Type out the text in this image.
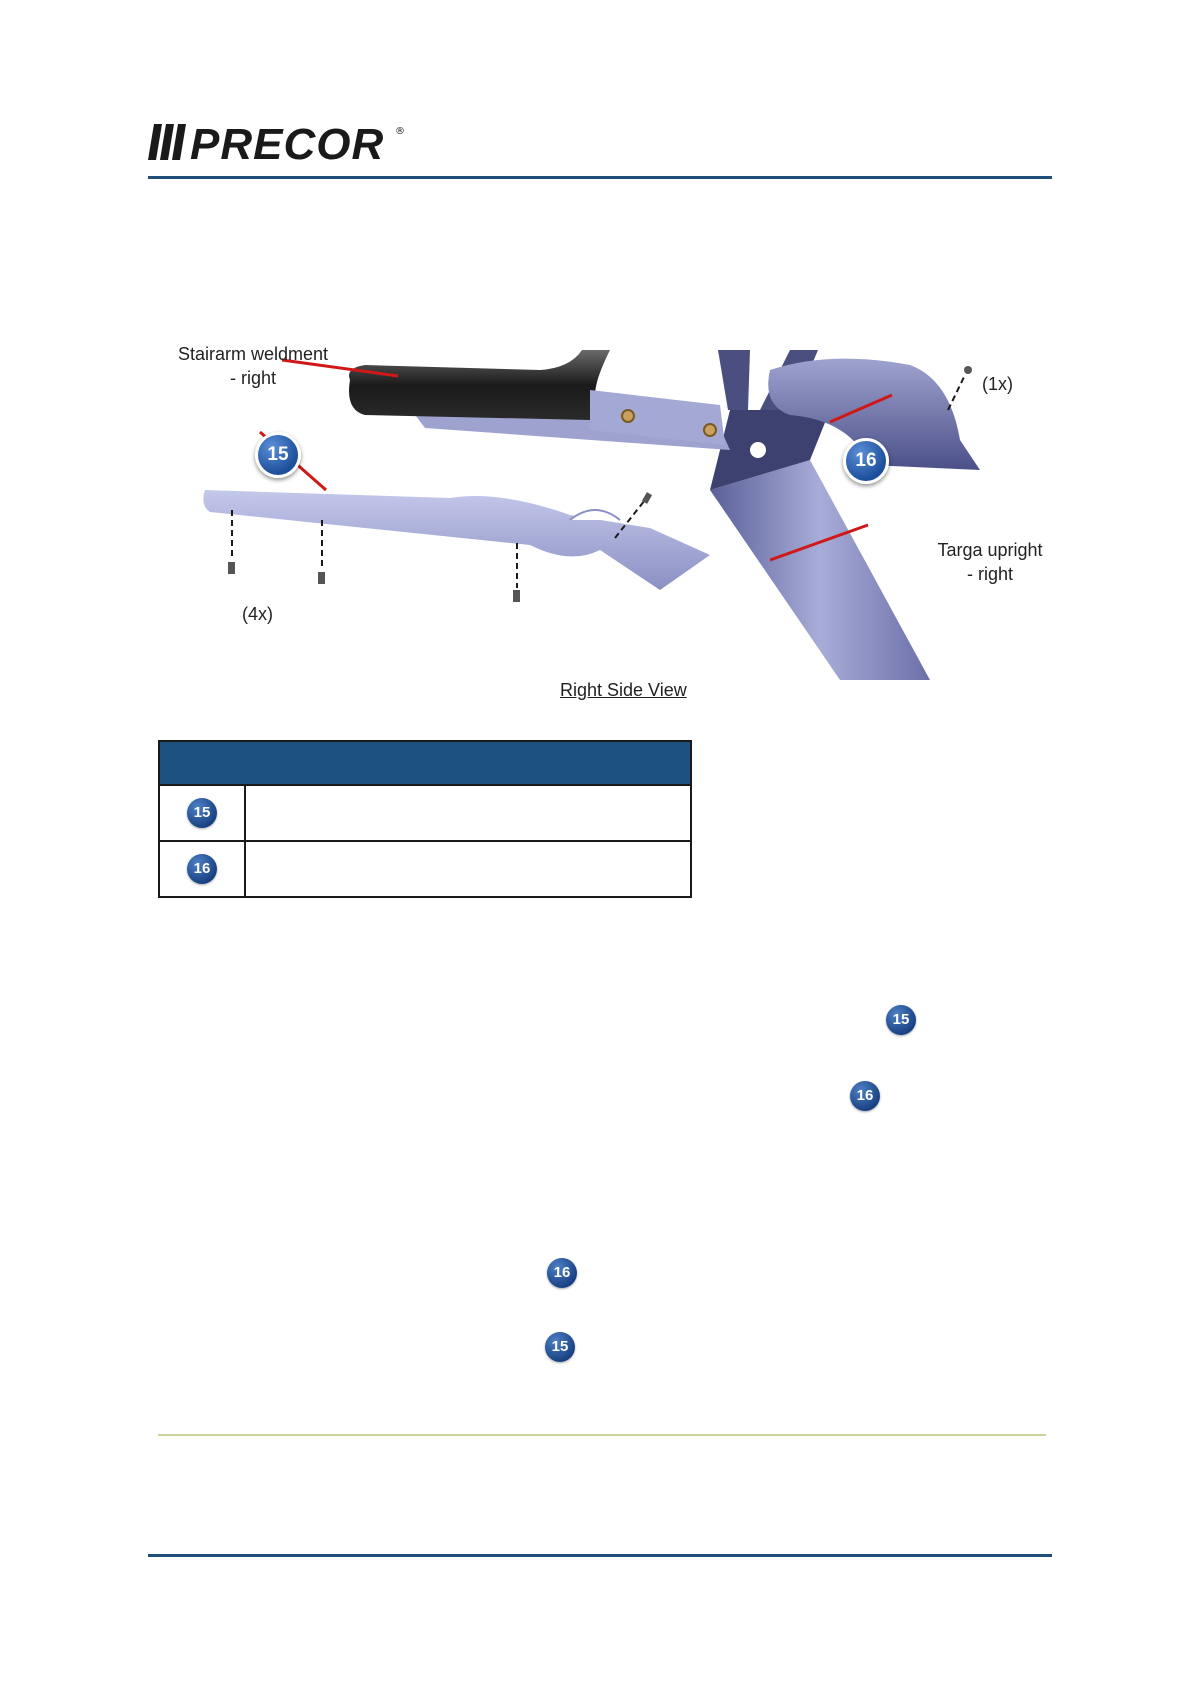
PRECOR ®
Stairarm weldment
- right
Targa upright
- right
(1x)
(4x)
15	16
Right Side View
15
16
15
16
16
15
